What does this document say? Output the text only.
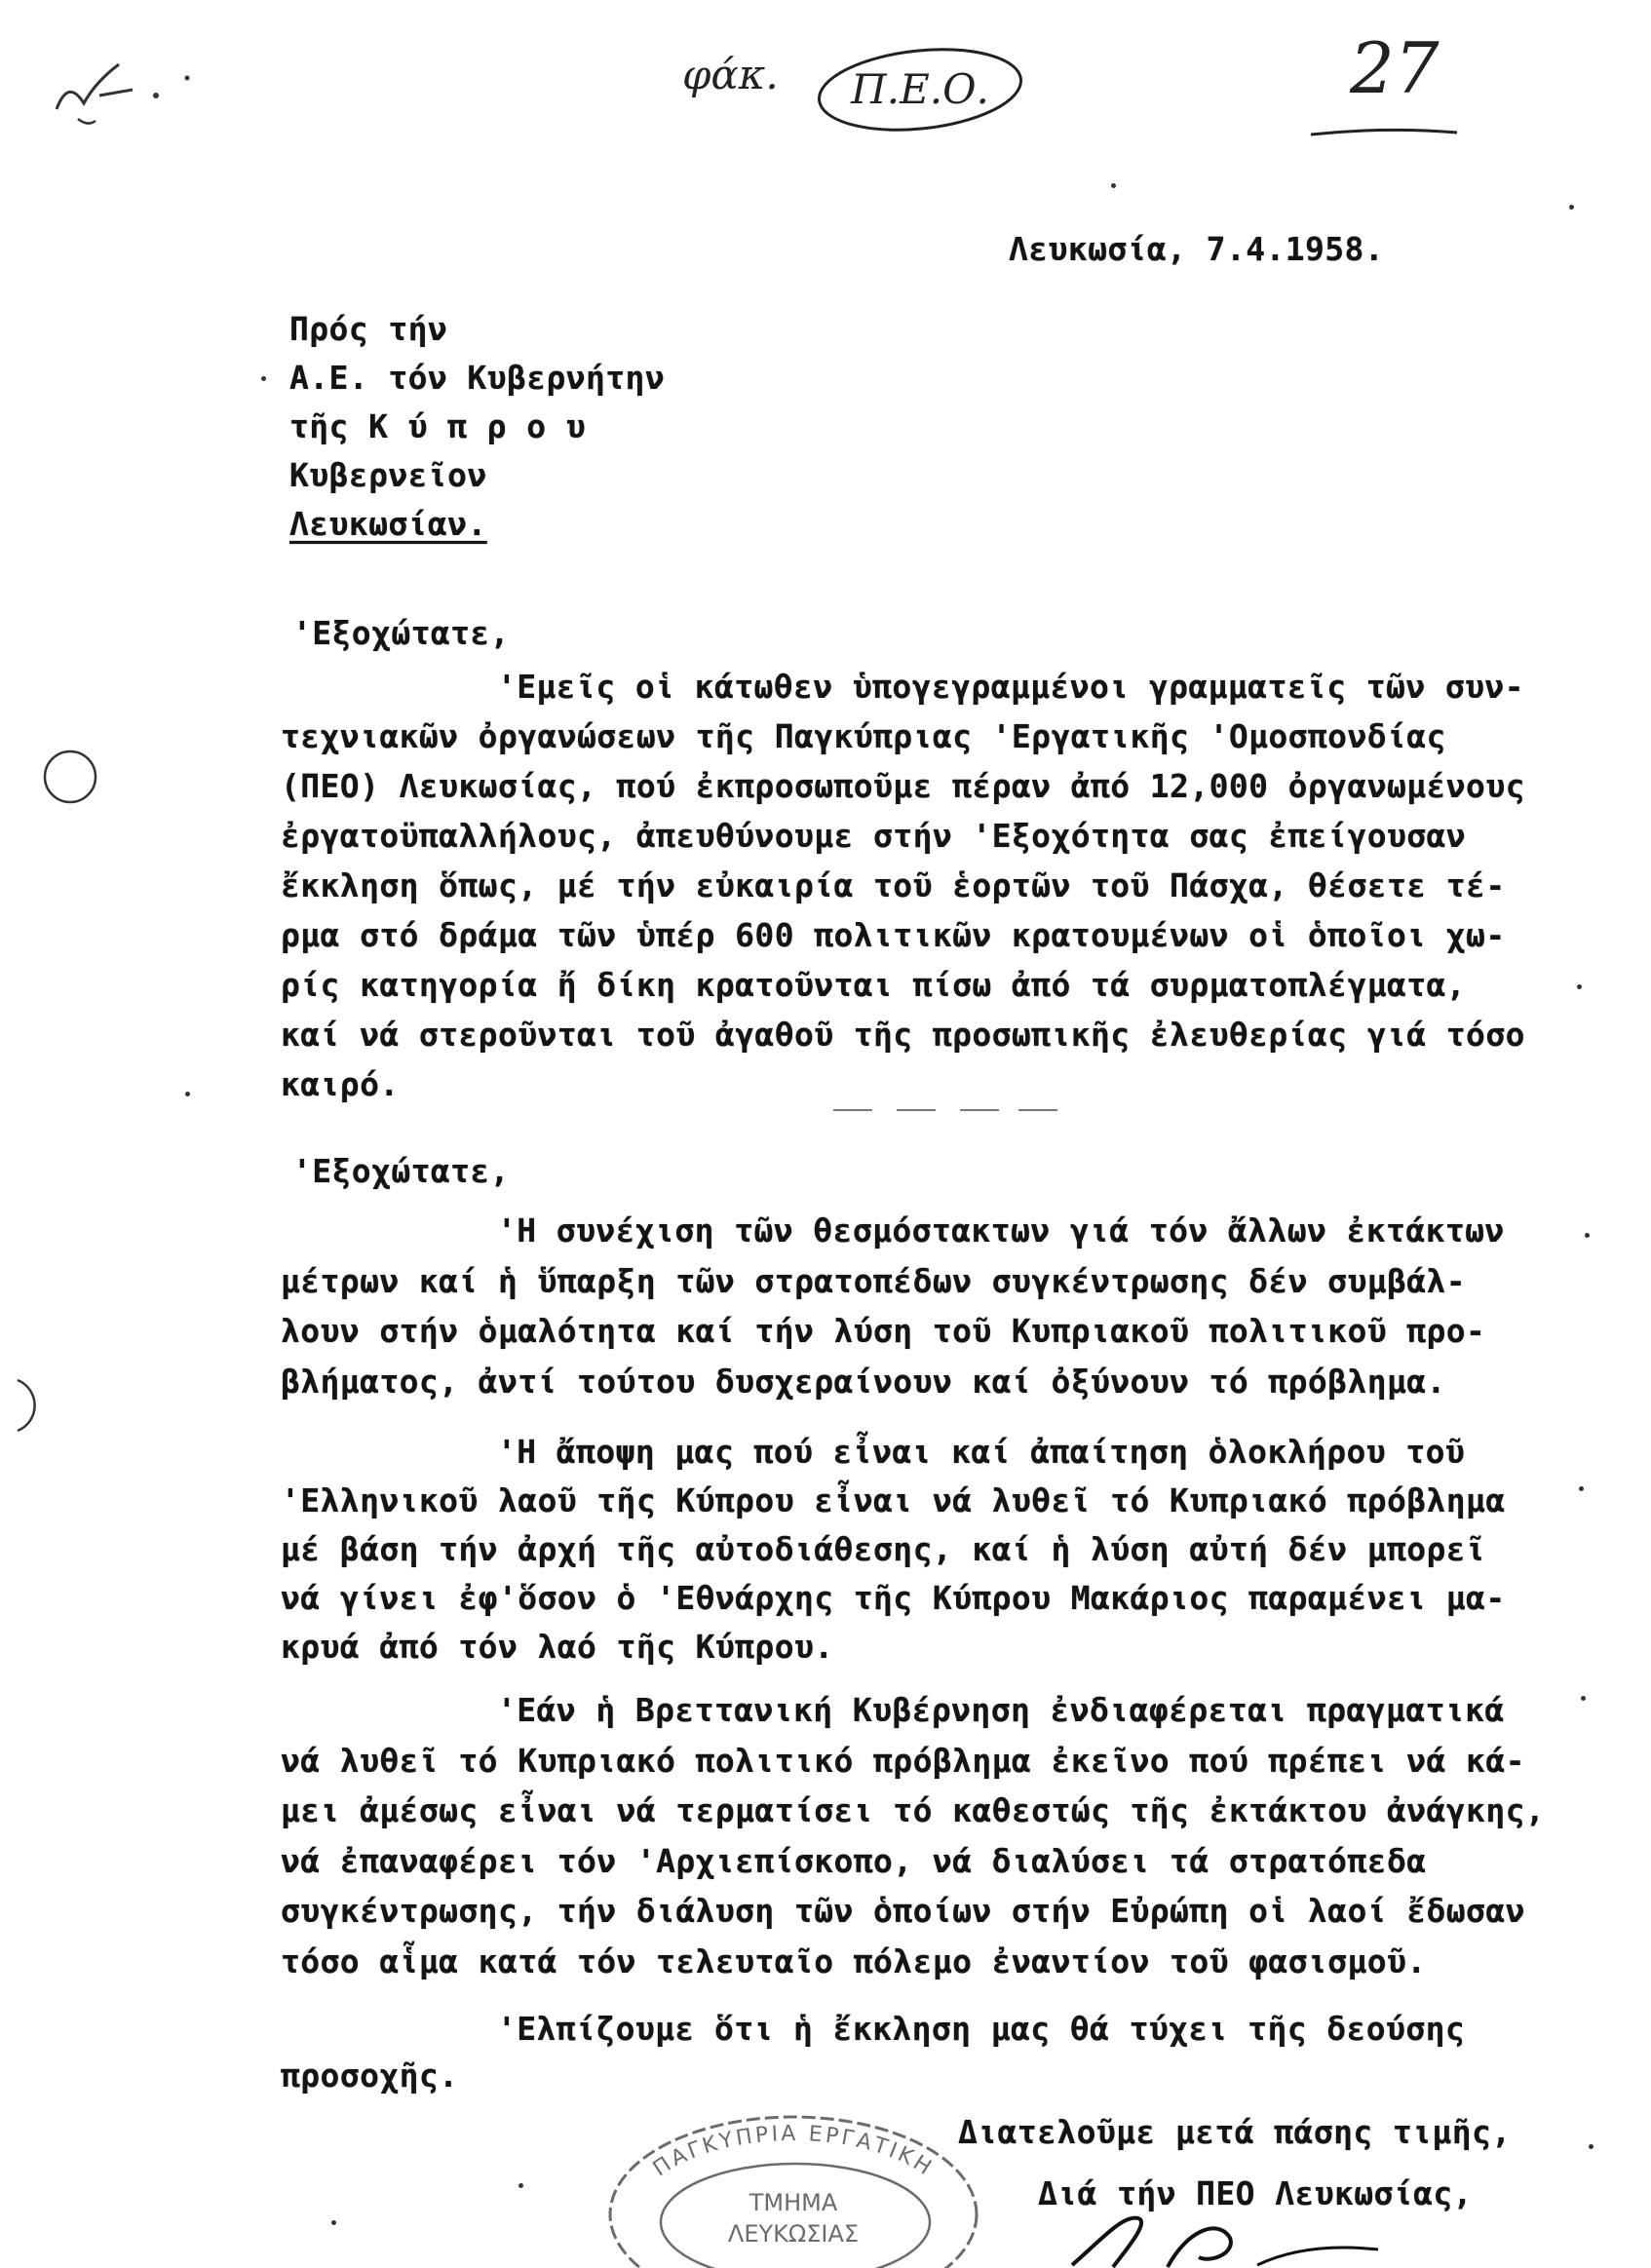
φάκ. Π.Ε.Ο.	27
Λευκωσία, 7.4.1958.
Πρός τήν
Α.Ε. τόν Κυβερνήτην
τῆς Κ ύ π ρ ο υ
Κυβερνεῖον
Λευκωσίαν.
'Εξοχώτατε,
'Εμεῖς οἱ κάτωθεν ὑπογεγραμμένοι γραμματεῖς τῶν συν-
τεχνιακῶν ὀργανώσεων τῆς Παγκύπριας 'Εργατικῆς 'Ομοσπονδίας
(ΠΕΟ) Λευκωσίας, πού ἐκπροσωποῦμε πέραν ἀπό 12,000 ὀργανωμένους
ἐργατοϋπαλλήλους, ἀπευθύνουμε στήν 'Εξοχότητα σας ἐπείγουσαν
ἔκκληση ὅπως, μέ τήν εὐκαιρία τοῦ ἑορτῶν τοῦ Πάσχα, θέσετε τέ-
ρμα στό δράμα τῶν ὑπέρ 600 πολιτικῶν κρατουμένων οἱ ὁποῖοι χω-
ρίς κατηγορία ἤ δίκη κρατοῦνται πίσω ἀπό τά συρματοπλέγματα,
καί νά στεροῦνται τοῦ ἀγαθοῦ τῆς προσωπικῆς ἐλευθερίας γιά τόσο
καιρό.
'Εξοχώτατε,
'Η συνέχιση τῶν θεσμόστακτων γιά τόν ἄλλων ἐκτάκτων
μέτρων καί ἡ ὕπαρξη τῶν στρατοπέδων συγκέντρωσης δέν συμβάλ-
λουν στήν ὁμαλότητα καί τήν λύση τοῦ Κυπριακοῦ πολιτικοῦ προ-
βλήματος, ἀντί τούτου δυσχεραίνουν καί ὀξύνουν τό πρόβλημα.
'Η ἄποψη μας πού εἶναι καί ἀπαίτηση ὁλοκλήρου τοῦ
'Ελληνικοῦ λαοῦ τῆς Κύπρου εἶναι νά λυθεῖ τό Κυπριακό πρόβλημα
μέ βάση τήν ἀρχή τῆς αὐτοδιάθεσης, καί ἡ λύση αὐτή δέν μπορεῖ
νά γίνει ἐφ'ὅσον ὁ 'Εθνάρχης τῆς Κύπρου Μακάριος παραμένει μα-
κρυά ἀπό τόν λαό τῆς Κύπρου.
'Εάν ἡ Βρεττανική Κυβέρνηση ἐνδιαφέρεται πραγματικά
νά λυθεῖ τό Κυπριακό πολιτικό πρόβλημα ἐκεῖνο πού πρέπει νά κά-
μει ἀμέσως εἶναι νά τερματίσει τό καθεστώς τῆς ἐκτάκτου ἀνάγκης,
νά ἐπαναφέρει τόν 'Αρχιεπίσκοπο, νά διαλύσει τά στρατόπεδα
συγκέντρωσης, τήν διάλυση τῶν ὁποίων στήν Εὐρώπη οἱ λαοί ἔδωσαν
τόσο αἷμα κατά τόν τελευταῖο πόλεμο ἐναντίον τοῦ φασισμοῦ.
'Ελπίζουμε ὅτι ἡ ἔκκληση μας θά τύχει τῆς δεούσης
προσοχῆς.
Διατελοῦμε μετά πάσης τιμῆς,
Διά τήν ΠΕΟ Λευκωσίας,
ΠΑΓΚΥΠΡΙΑ ΕΡΓΑΤΙΚΗ
ΤΜΗΜΑ
ΛΕΥΚΩΣΙΑΣ
